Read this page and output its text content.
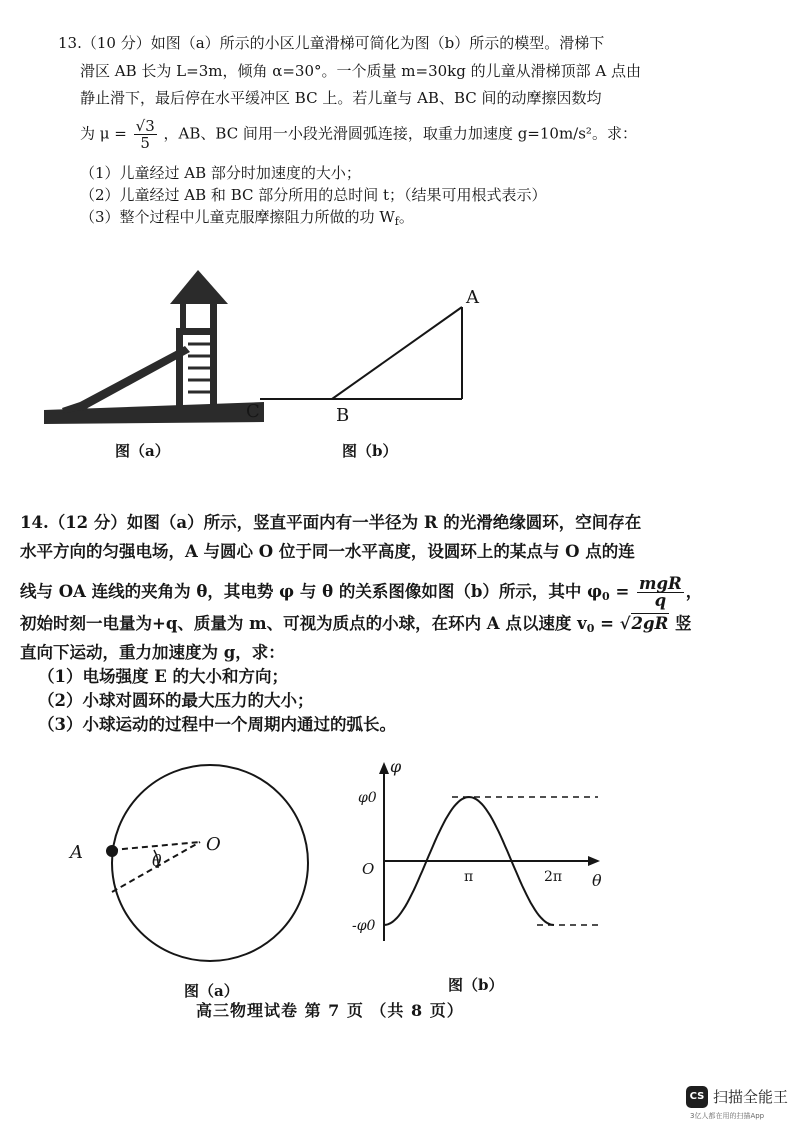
13.（10 分）如图（a）所示的小区儿童滑梯可简化为图（b）所示的模型。滑梯下
滑区 AB 长为 L=3m，倾角 α=30°。一个质量 m=30kg 的儿童从滑梯顶部 A 点由
静止滑下，最后停在水平缓冲区 BC 上。若儿童与 AB、BC 间的动摩擦因数均
为 $\mu = \frac{√3}{5}$ ，AB、BC 间用一小段光滑圆弧连接，取重力加速度 g=10m/s²。求：
（1）儿童经过 AB 部分时加速度的大小；
（2）儿童经过 AB 和 BC 部分所用的总时间 t；（结果可用根式表示）
（3）整个过程中儿童克服摩擦阻力所做的功 $W_f$。
图（a）
A
B
C
图（b）
14.（12 分）如图（a）所示，竖直平面内有一半径为 R 的光滑绝缘圆环，空间存在
水平方向的匀强电场，A 与圆心 O 位于同一水平高度，设圆环上的某点与 O 点的连
线与 OA 连线的夹角为 θ，其电势 φ 与 θ 的关系图像如图（b）所示，其中 $\varphi_0 = \frac{\text{mgR}}{q}$ ，
初始时刻一电量为+q、质量为 m、可视为质点的小球，在环内 A 点以速度 $v_0 = √2gR$ 竖
直向下运动，重力加速度为 g，求：
（1）电场强度 E 的大小和方向；
（2）小球对圆环的最大压力的大小；
（3）小球运动的过程中一个周期内通过的弧长。
A	O
θ
图（a）
φ
θ
O
φ0
-φ0
π	2π
图（b）
高三物理试卷 第 7 页 （共 8 页）
CS 扫描全能王
3亿人都在用的扫描App
